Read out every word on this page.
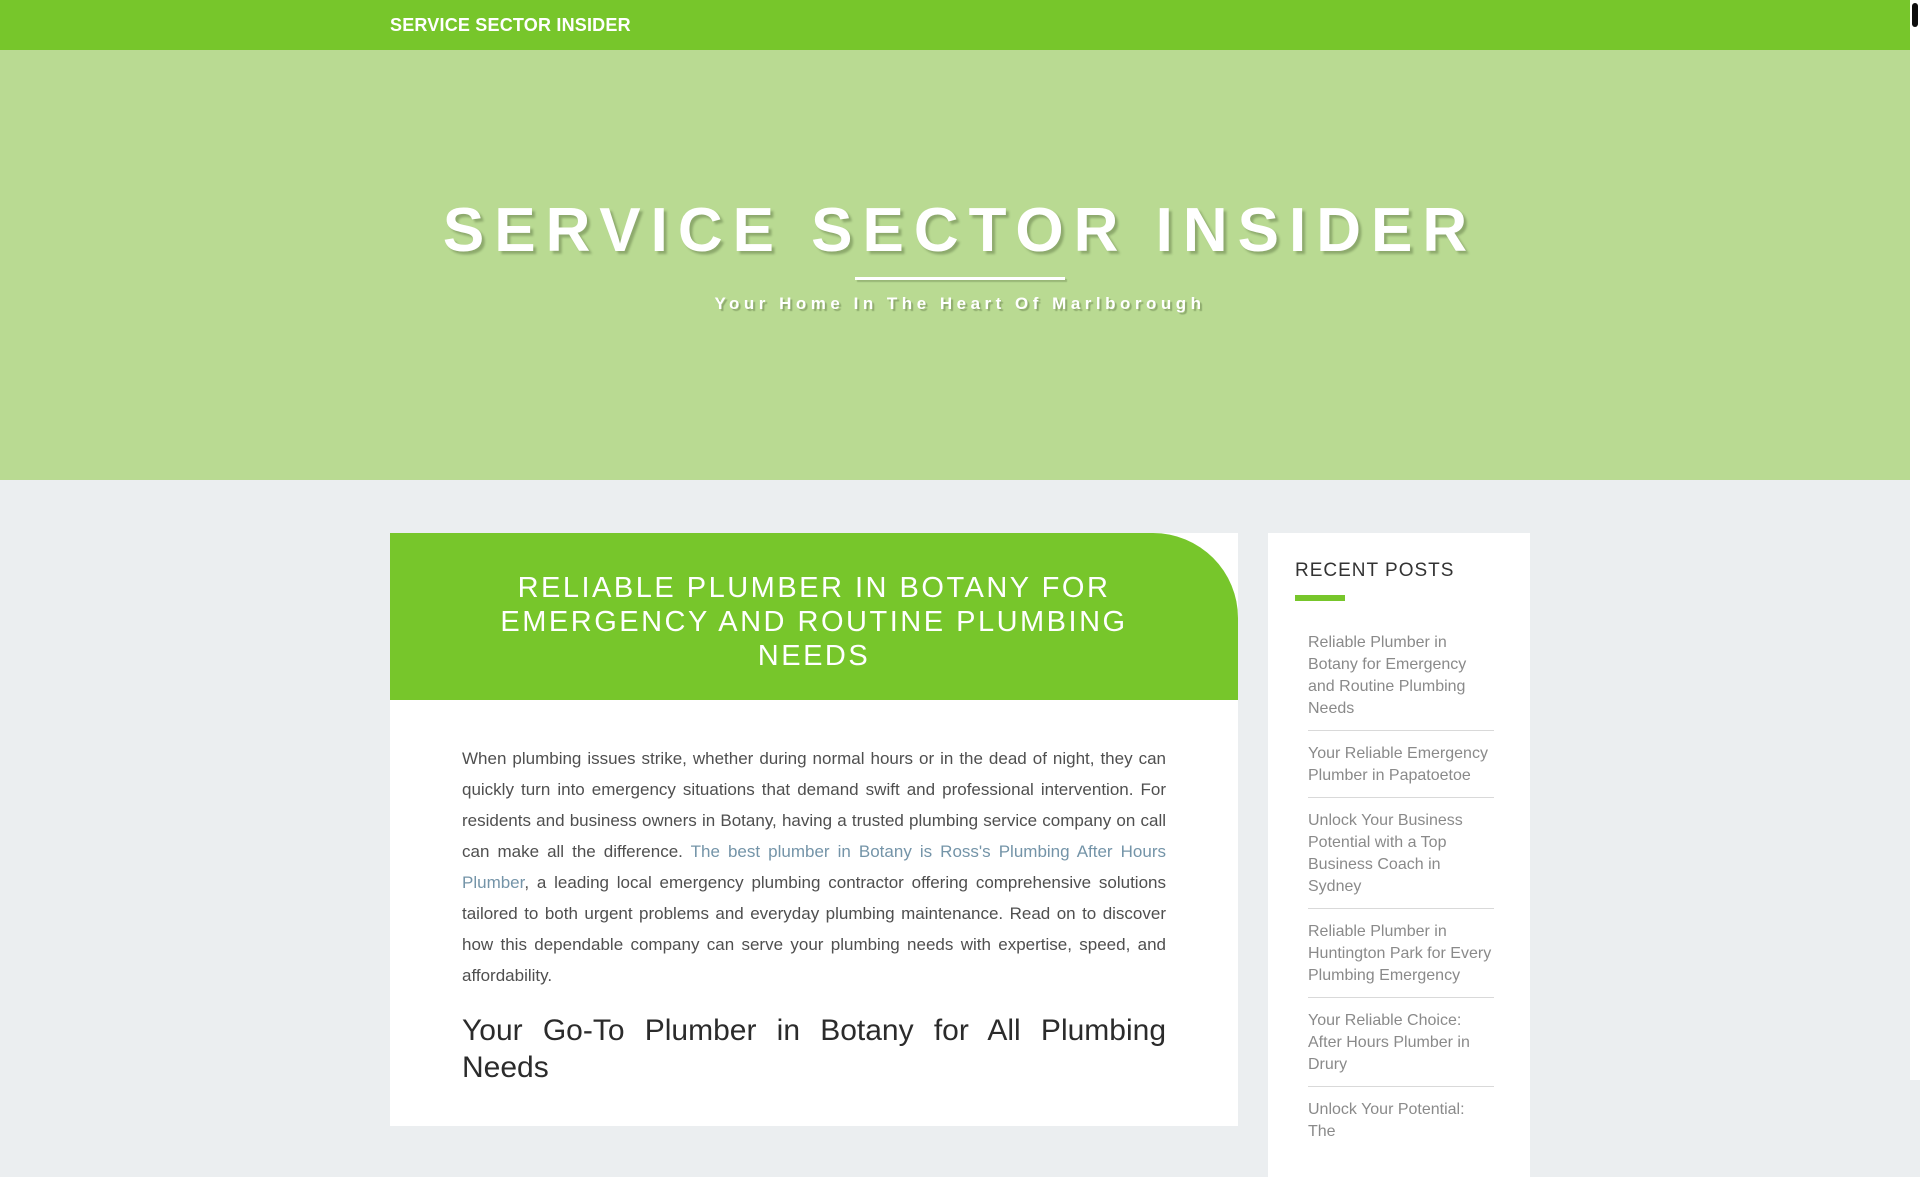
SERVICE SECTOR INSIDER
SERVICE SECTOR INSIDER

Your Home In The Heart Of Marlborough

RELIABLE PLUMBER IN BOTANY FOR
EMERGENCY AND ROUTINE PLUMBING
NEEDS

When plumbing issues strike, whether during normal hours or in the dead of night, they can quickly turn into emergency situations that demand swift and professional intervention. For residents and business owners in Botany, having a trusted plumbing service company on call can make all the difference. The best plumber in Botany is Ross's Plumbing After Hours Plumber, a leading local emergency plumbing contractor offering comprehensive solutions tailored to both urgent problems and everyday plumbing maintenance. Read on to discover how this dependable company can serve your plumbing needs with expertise, speed, and affordability.

Your Go-To Plumber in Botany for All Plumbing Needs
RECENT POSTS
Reliable Plumber in Botany for Emergency and Routine Plumbing Needs
Your Reliable Emergency Plumber in Papatoetoe
Unlock Your Business Potential with a Top Business Coach in Sydney
Reliable Plumber in Huntington Park for Every Plumbing Emergency
Your Reliable Choice: After Hours Plumber in Drury
Unlock Your Potential: The
